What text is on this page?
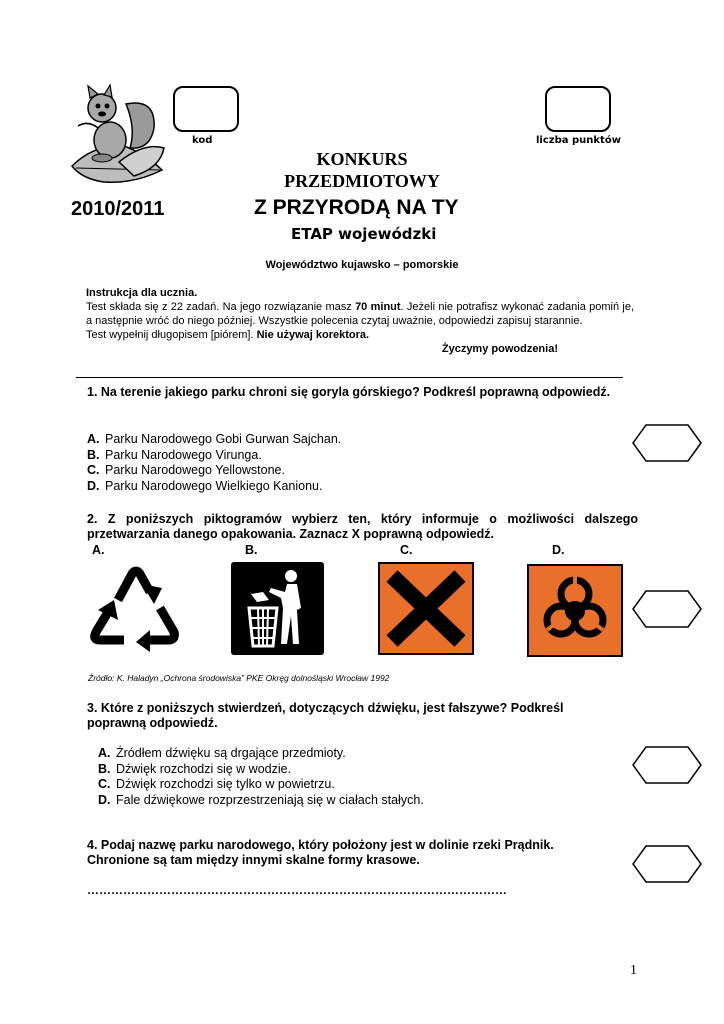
kod	liczba punktów
KONKURS
PRZEDMIOTOWY
2010/2011	Z PRZYRODĄ NA TY
ETAP wojewódzki
Województwo kujawsko – pomorskie
Instrukcja dla ucznia.
Test składa się z 22 zadań. Na jego rozwiązanie masz 70 minut. Jeżeli nie potrafisz wykonać zadania pomiń je, a następnie wróć do niego później. Wszystkie polecenia czytaj uważnie, odpowiedzi zapisuj starannie.
Test wypełnij długopisem [piórem]. Nie używaj korektora.
Życzymy powodzenia!
1. Na terenie jakiego parku chroni się goryla górskiego? Podkreśl poprawną odpowiedź.
A. Parku Narodowego Gobi Gurwan Sajchan.
B. Parku Narodowego Virunga.
C. Parku Narodowego Yellowstone.
D. Parku Narodowego Wielkiego Kanionu.
2. Z poniższych piktogramów wybierz ten, który informuje o możliwości dalszego przetwarzania danego opakowania. Zaznacz X poprawną odpowiedź.
A.	B.	C.	D.
Źródło: K. Haladyn „Ochrona środowiska” PKE Okręg dolnośląski Wrocław 1992
3. Które z poniższych stwierdzeń, dotyczących dźwięku, jest fałszywe? Podkreśl poprawną odpowiedź.
A. Źródłem dźwięku są drgające przedmioty.
B. Dźwięk rozchodzi się w wodzie.
C. Dźwięk rozchodzi się tylko w powietrzu.
D. Fale dźwiękowe rozprzestrzeniają się w ciałach stałych.
4. Podaj nazwę parku narodowego, który położony jest w dolinie rzeki Prądnik. Chronione są tam między innymi skalne formy krasowe.
……………………………………………………………………………………………
1
